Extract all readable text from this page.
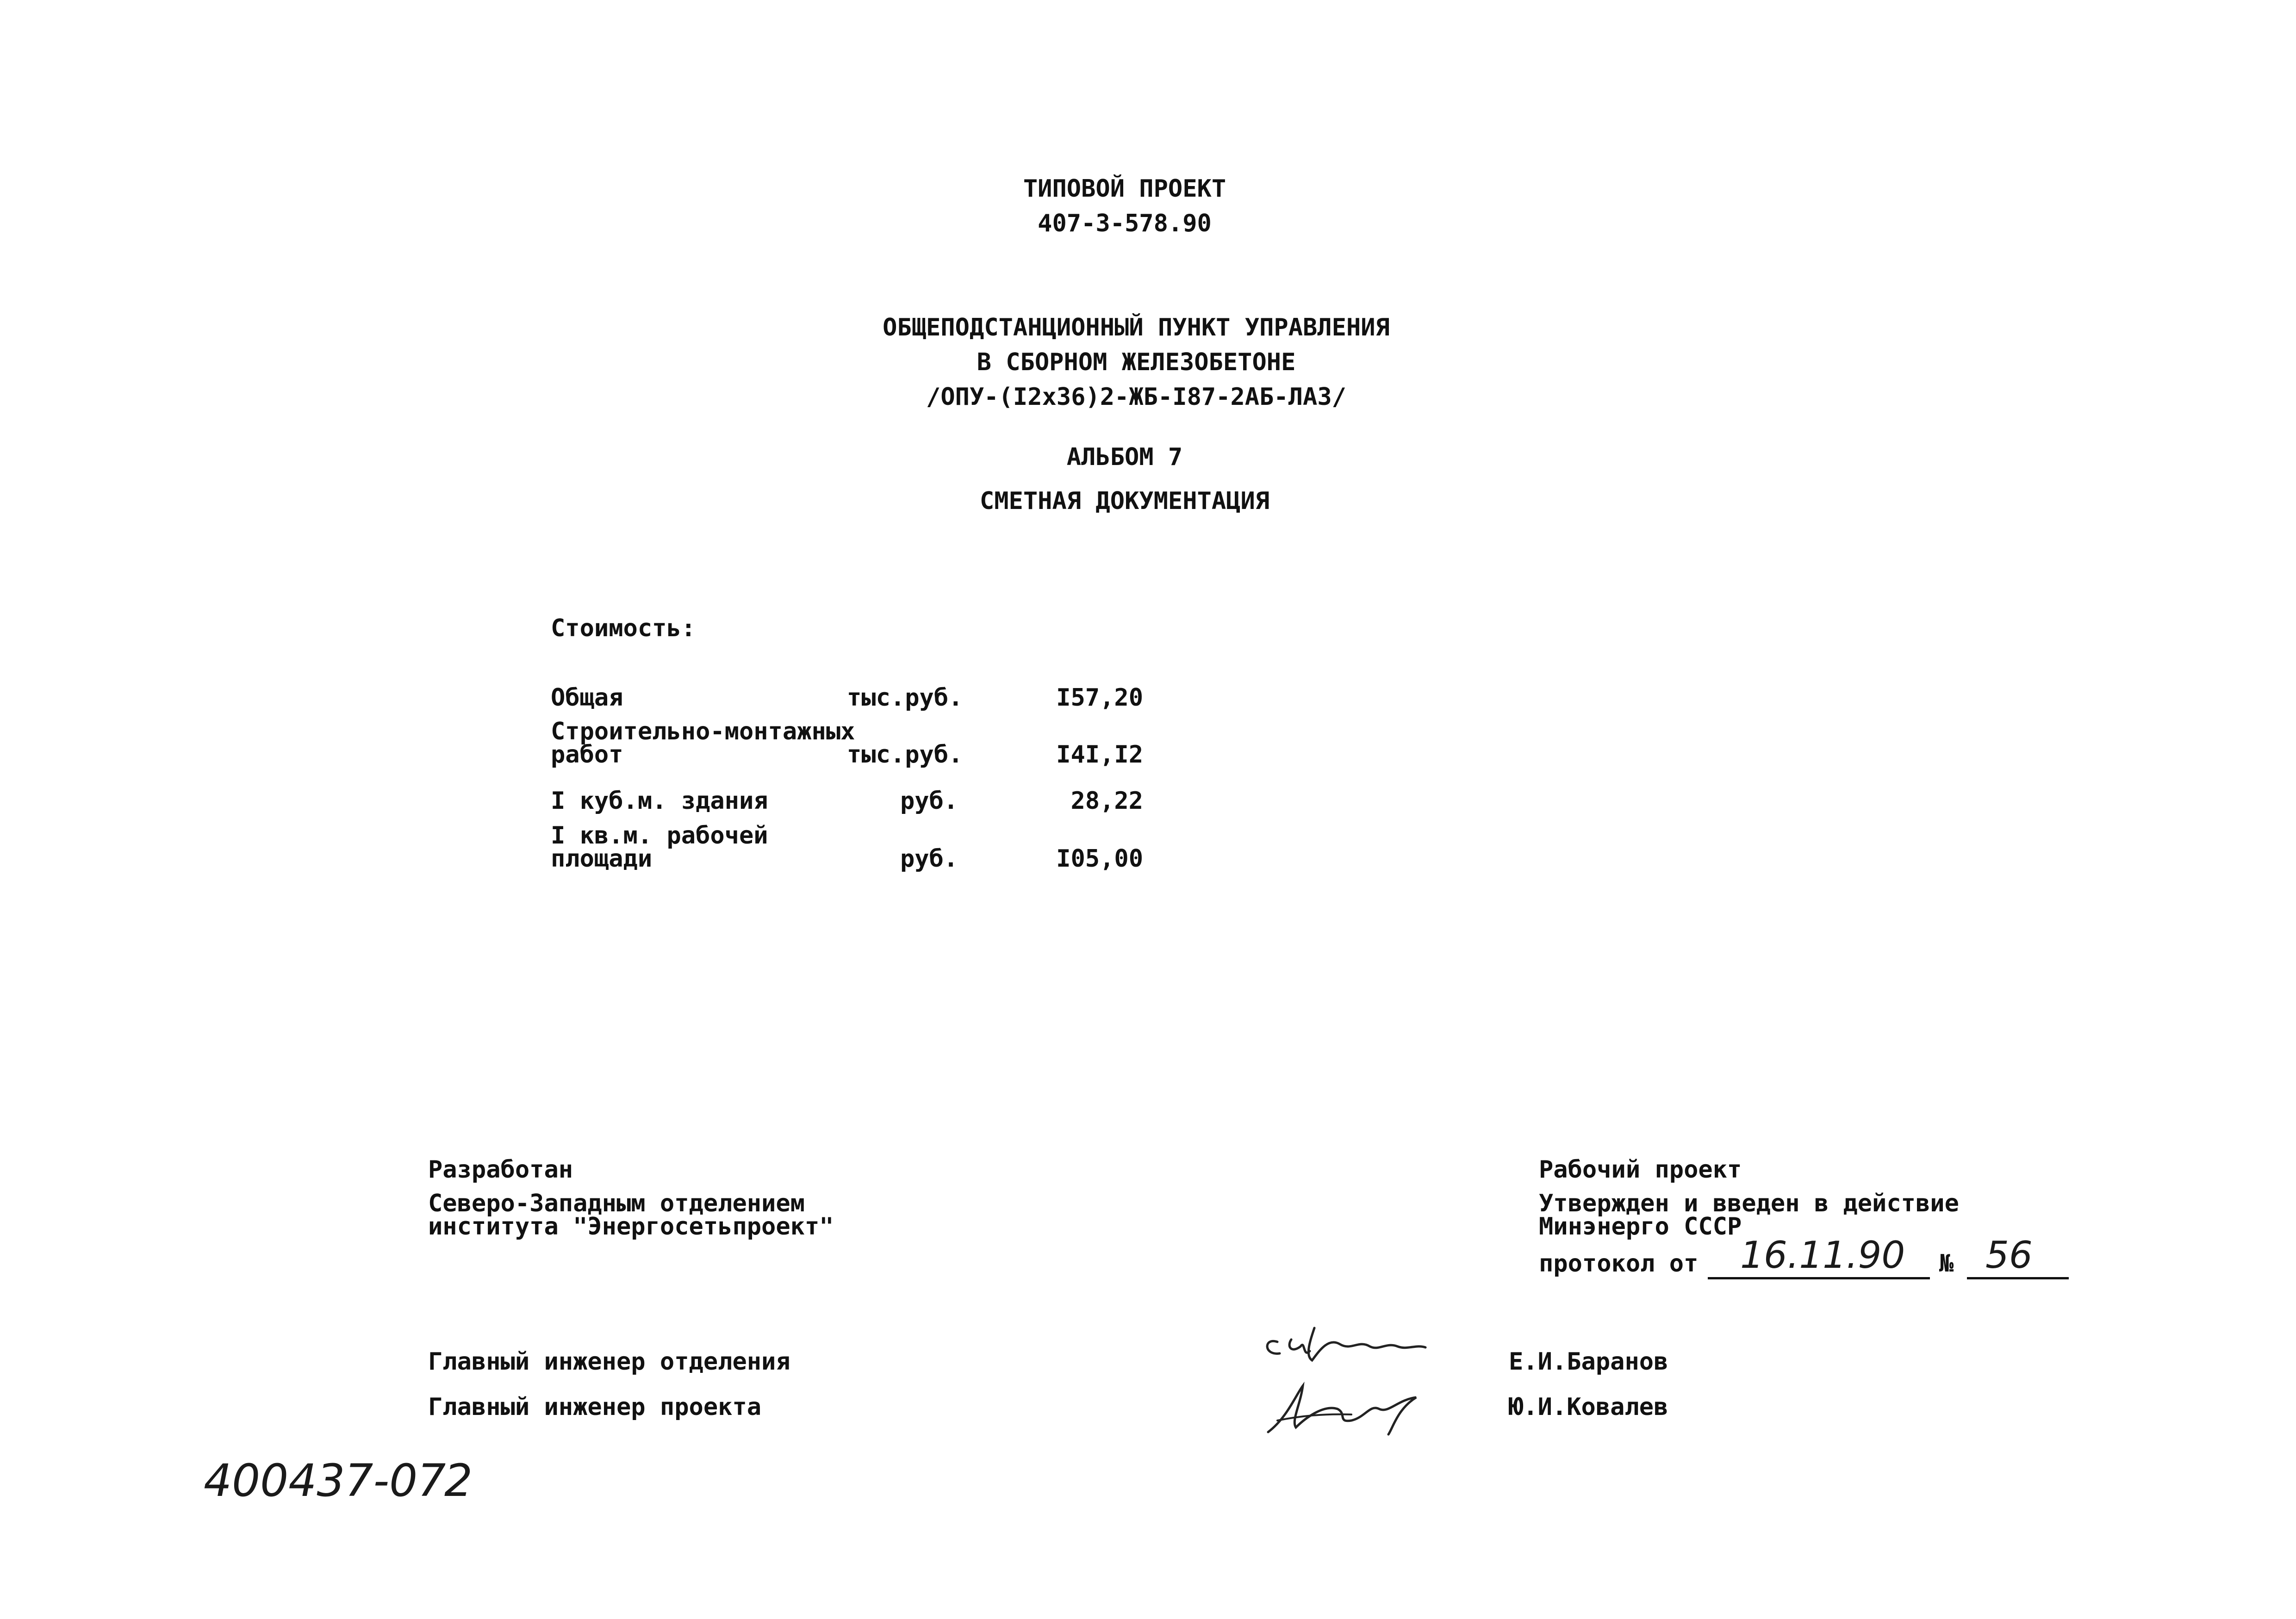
ТИПОВОЙ ПРОЕКТ
407-3-578.90
ОБЩЕПОДСТАНЦИОННЫЙ ПУНКТ УПРАВЛЕНИЯ
В СБОРНОМ ЖЕЛЕЗОБЕТОНЕ
/ОПУ-(I2х36)2-ЖБ-I87-2АБ-ЛАЗ/
АЛЬБОМ 7
СМЕТНАЯ ДОКУМЕНТАЦИЯ
Стоимость:
Общая	тыс.руб.	I57,20
Строительно-монтажных
работ	тыс.руб.	I4I,I2
I куб.м. здания	руб.	28,22
I кв.м. рабочей
площади	руб.	I05,00
Разработан
Северо-Западным отделением
института "Энергосетьпроект"
Рабочий проект
Утвержден и введен в действие
Минэнерго СССР
протокол от 16.11.90 № 56
Главный инженер отделения	Е.И.Баранов
Главный инженер проекта	Ю.И.Ковалев
400437-07
2
